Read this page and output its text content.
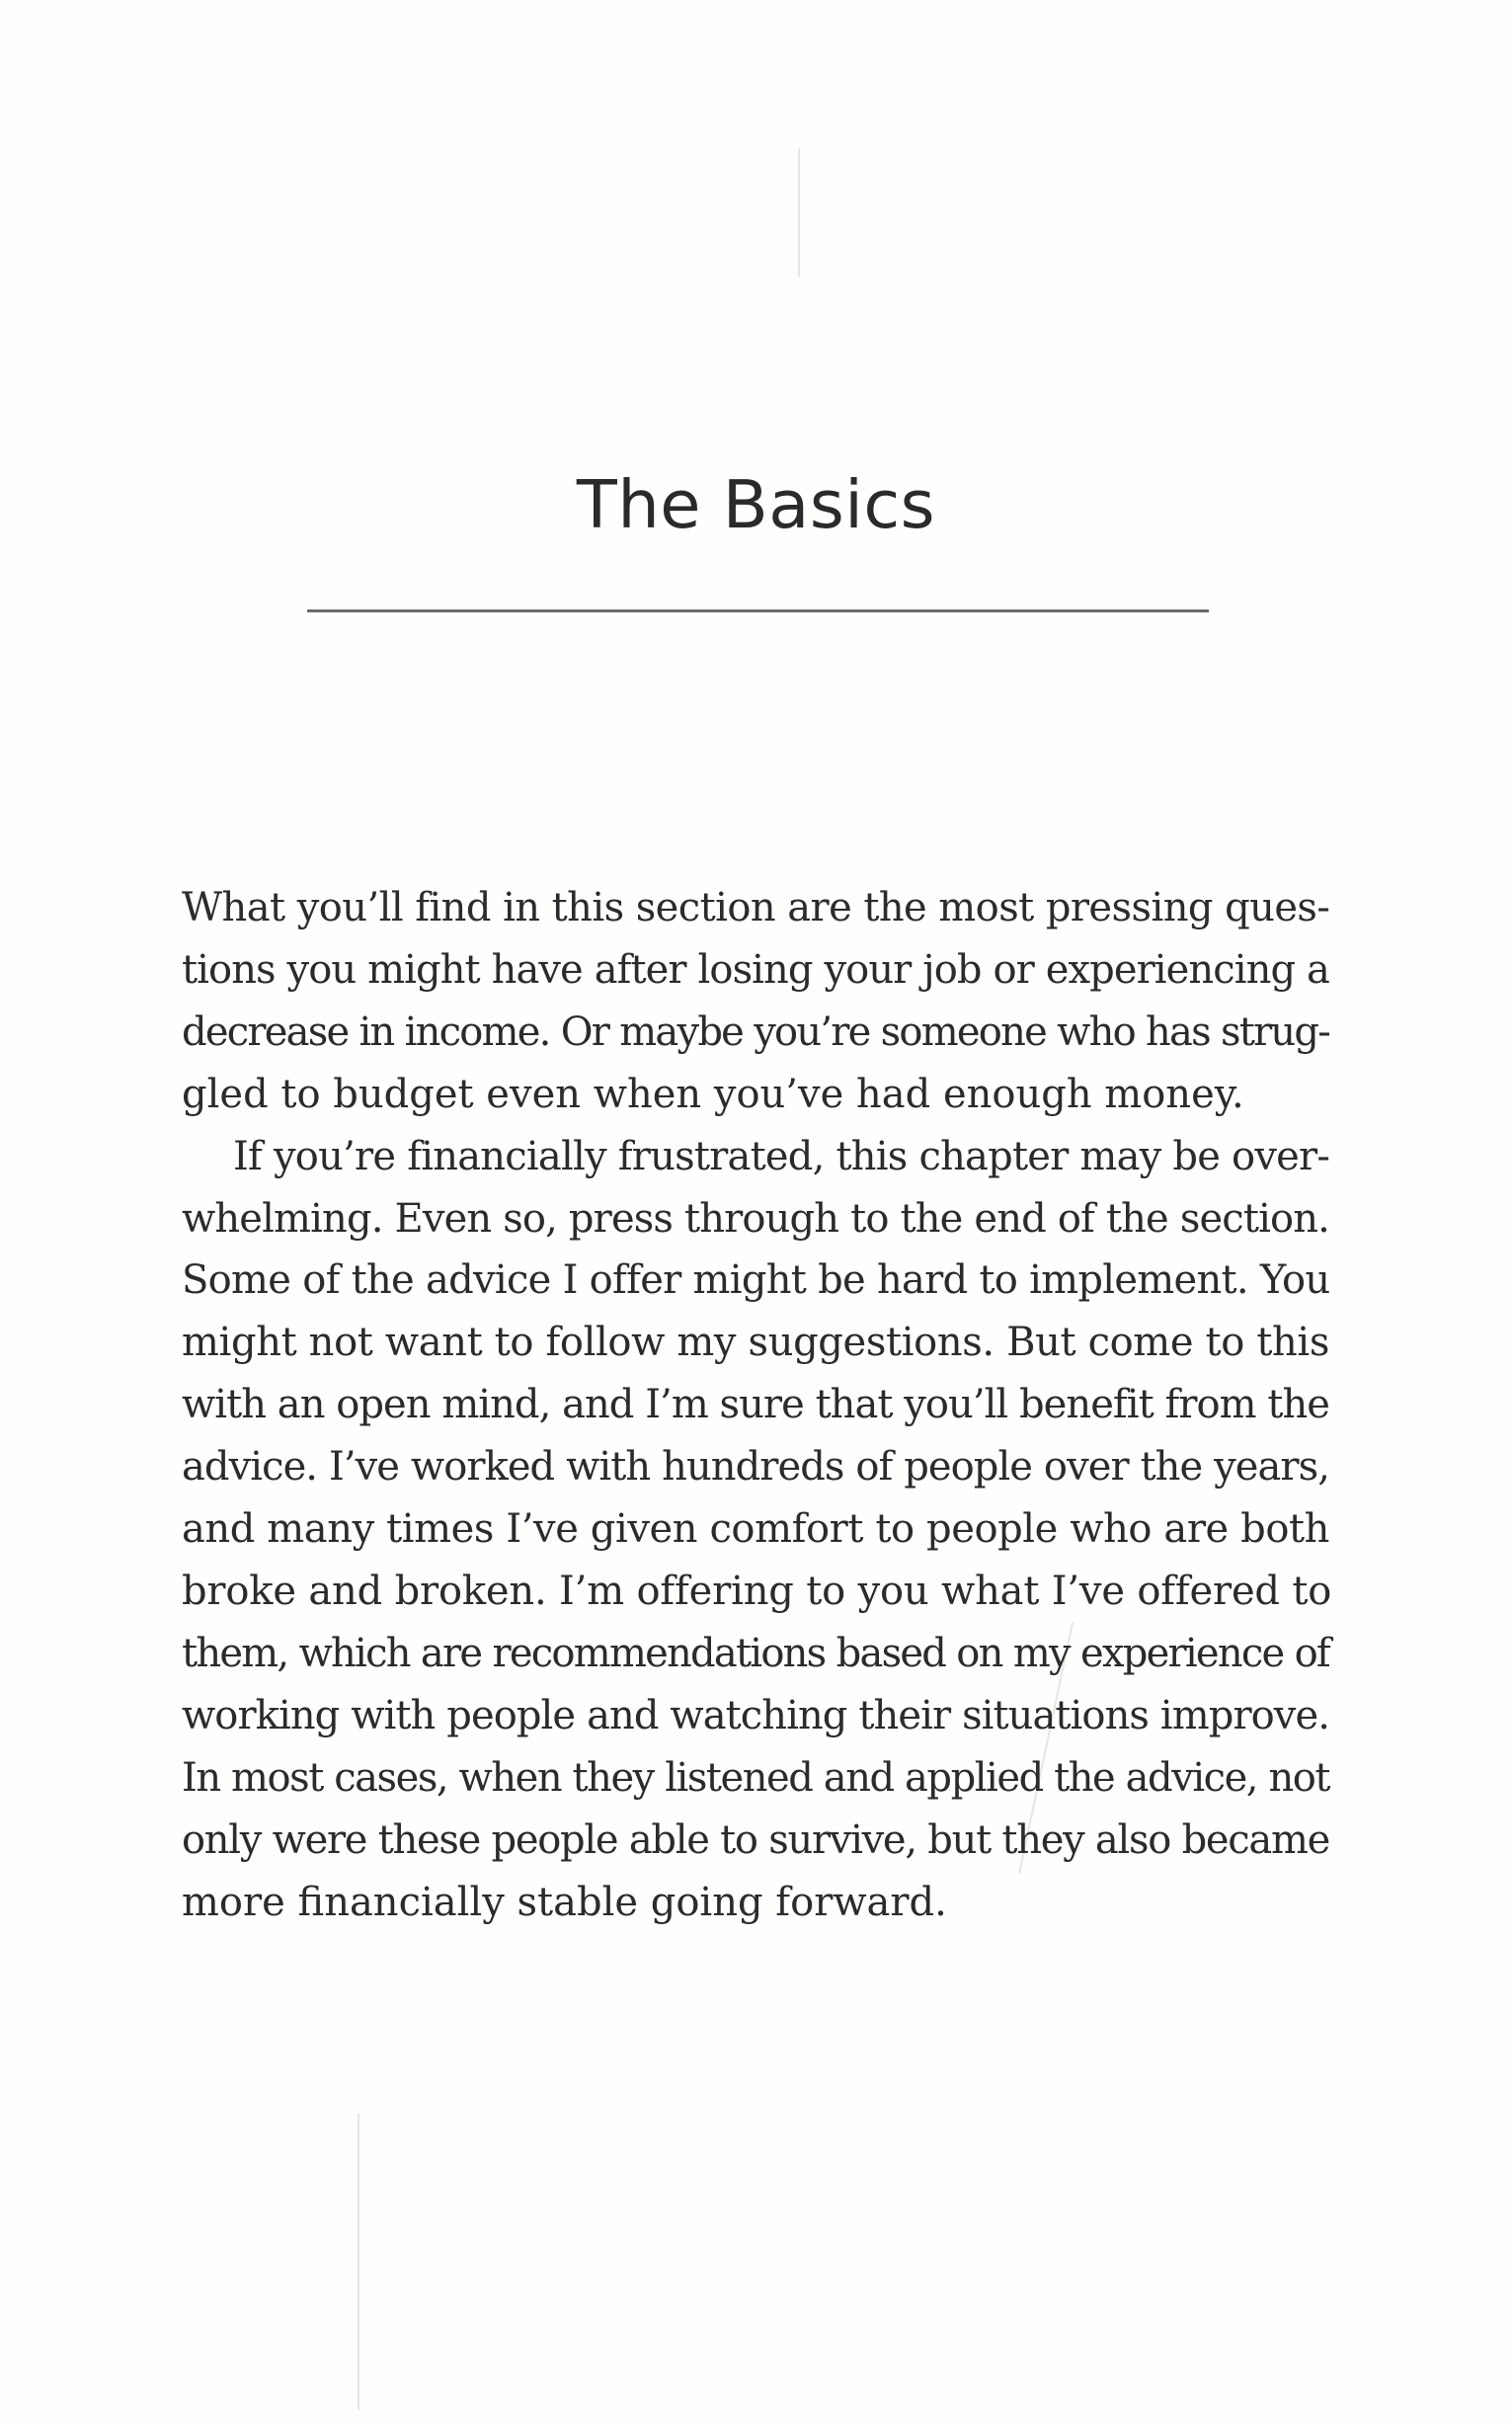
The Basics
What you’ll find in this section are the most pressing ques-
tions you might have after losing your job or experiencing a
decrease in income. Or maybe you’re someone who has strug-
gled to budget even when you’ve had enough money.
If you’re financially frustrated, this chapter may be over-
whelming. Even so, press through to the end of the section.
Some of the advice I offer might be hard to implement. You
might not want to follow my suggestions. But come to this
with an open mind, and I’m sure that you’ll benefit from the
advice. I’ve worked with hundreds of people over the years,
and many times I’ve given comfort to people who are both
broke and broken. I’m offering to you what I’ve offered to
them, which are recommendations based on my experience of
working with people and watching their situations improve.
In most cases, when they listened and applied the advice, not
only were these people able to survive, but they also became
more financially stable going forward.
